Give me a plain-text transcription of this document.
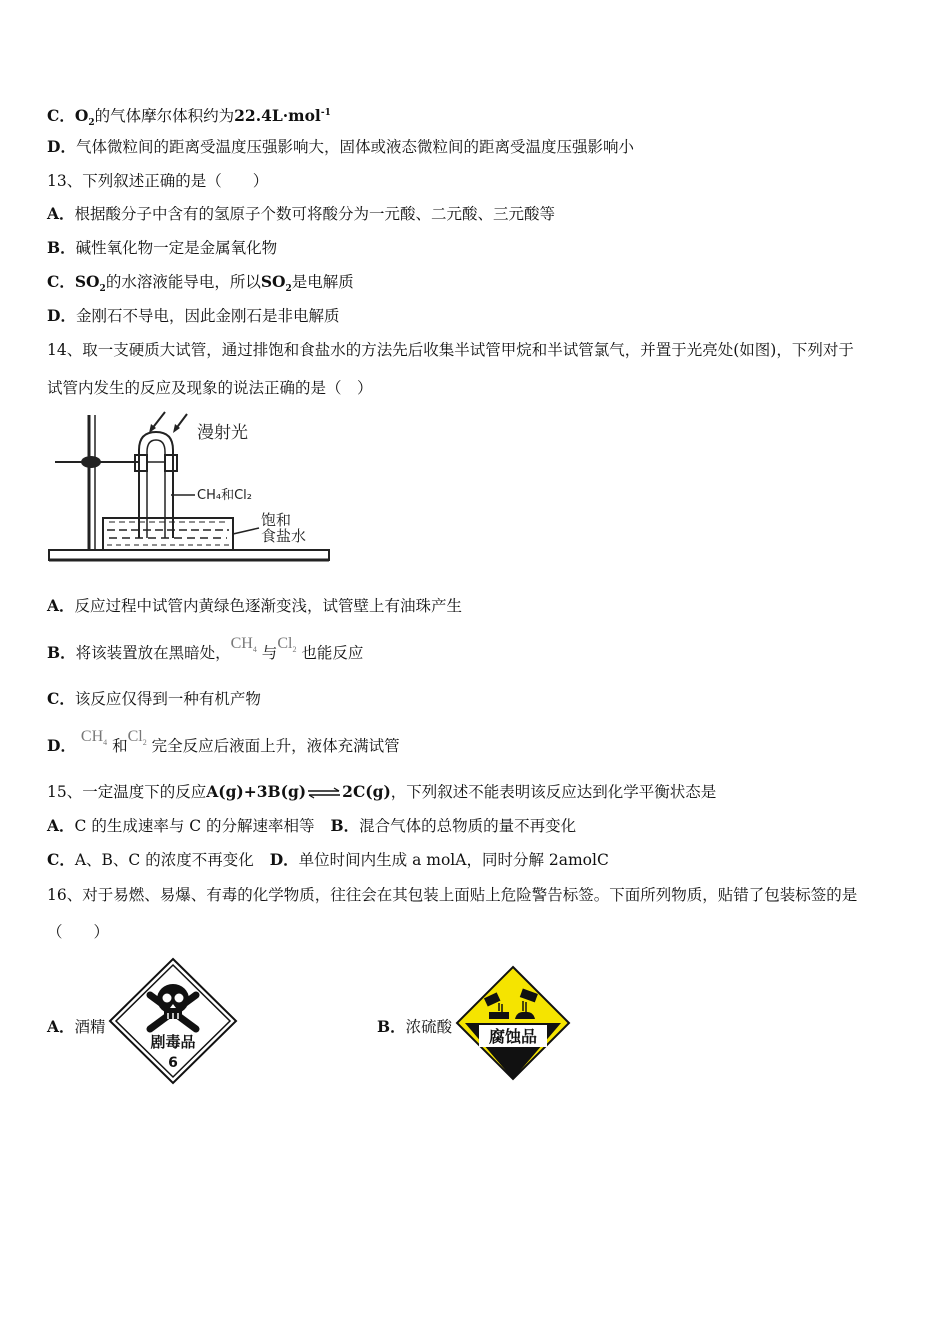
C．$O_2$的气体摩尔体积约为22.4L·mol$^{-1}$
D．气体微粒间的距离受温度压强影响大，固体或液态微粒间的距离受温度压强影响小
13、下列叙述正确的是（　　）
A．根据酸分子中含有的氢原子个数可将酸分为一元酸、二元酸、三元酸等
B．碱性氧化物一定是金属氧化物
C．$SO_2$的水溶液能导电，所以$SO_2$是电解质
D．金刚石不导电，因此金刚石是非电解质
14、取一支硬质大试管，通过排饱和食盐水的方法先后收集半试管甲烷和半试管氯气，并置于光亮处(如图)，下列对于
试管内发生的反应及现象的说法正确的是（　）
漫射光
CH₄和Cl₂
饱和
食盐水
A．反应过程中试管内黄绿色逐渐变浅，试管壁上有油珠产生
B．将该装置放在黑暗处，$CH_4$ 与$Cl_2$ 也能反应
C．该反应仅得到一种有机产物
D． $CH_4$ 和$Cl_2$ 完全反应后液面上升，液体充满试管
15、一定温度下的反应A(g)+3B(g)⇌2C(g)，下列叙述不能表明该反应达到化学平衡状态是
A．C 的生成速率与 C 的分解速率相等 B．混合气体的总物质的量不再变化
C．A、B、C 的浓度不再变化 D．单位时间内生成 a molA，同时分解 2amolC
16、对于易燃、易爆、有毒的化学物质，往往会在其包装上面贴上危险警告标签。下面所列物质，贴错了包装标签的是
（　　）
A．酒精
剧毒品
6
B．浓硫酸 腐蚀品
